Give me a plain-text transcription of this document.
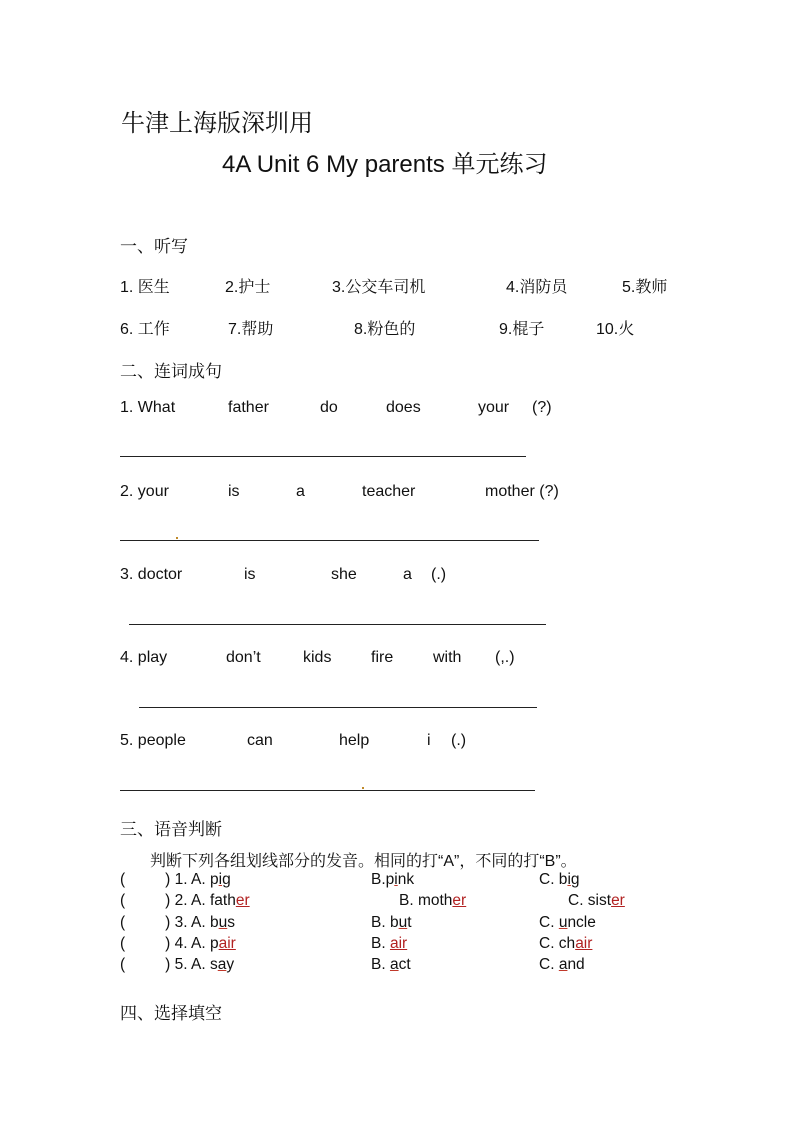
牛津上海版深圳用
4A Unit 6 My parents 单元练习
一、听写
1. 医生	2.护士	3.公交车司机	4.消防员	5.教师
6. 工作	7.帮助	8.粉色的	9.棍子	10.火
二、连词成句
1. What	father	do	does	your (?)
2. your	is	a	teacher	mother (?)
3. doctor	is	she	a (.)
4. play	don’t	kids fire with (,.)
5. people	can	help	i (.)
三、语音判断
判断下列各组划线部分的发音。相同的打“A”，不同的打“B”。
(	) 1. A. pig	B.pink	C. big
(	) 2. A. father	B. mother	C. sister
(	) 3. A. bus	B. but	C. uncle
(	) 4. A. pair	B. air	C. chair
(	) 5. A. say	B. act	C. and
四、选择填空
